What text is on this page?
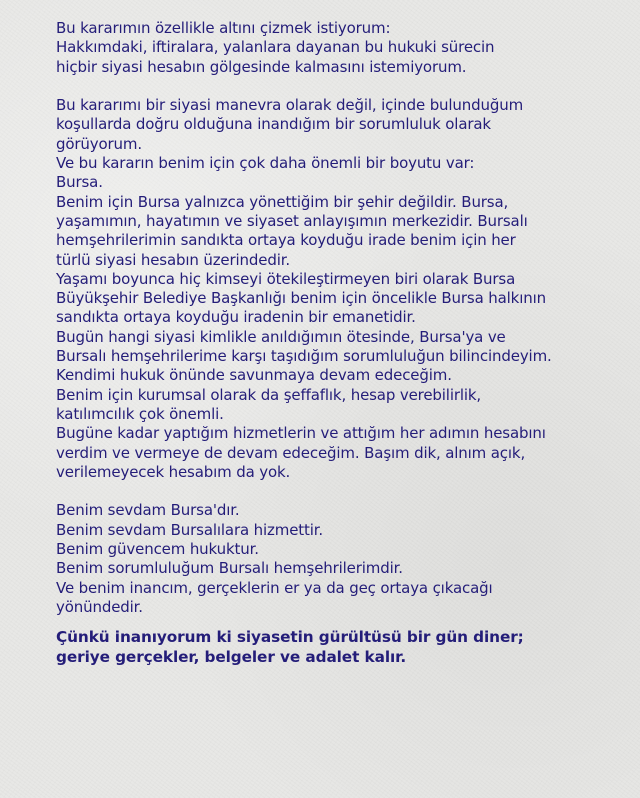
Bu kararımın özellikle altını çizmek istiyorum:
Hakkımdaki, iftiralara, yalanlara dayanan bu hukuki sürecin
hiçbir siyasi hesabın gölgesinde kalmasını istemiyorum.
Bu kararımı bir siyasi manevra olarak değil, içinde bulunduğum
koşullarda doğru olduğuna inandığım bir sorumluluk olarak
görüyorum.
Ve bu kararın benim için çok daha önemli bir boyutu var:
Bursa.
Benim için Bursa yalnızca yönettiğim bir şehir değildir. Bursa,
yaşamımın, hayatımın ve siyaset anlayışımın merkezidir. Bursalı
hemşehrilerimin sandıkta ortaya koyduğu irade benim için her
türlü siyasi hesabın üzerindedir.
Yaşamı boyunca hiç kimseyi ötekileştirmeyen biri olarak Bursa
Büyükşehir Belediye Başkanlığı benim için öncelikle Bursa halkının
sandıkta ortaya koyduğu iradenin bir emanetidir.
Bugün hangi siyasi kimlikle anıldığımın ötesinde, Bursa'ya ve
Bursalı hemşehrilerime karşı taşıdığım sorumluluğun bilincindeyim.
Kendimi hukuk önünde savunmaya devam edeceğim.
Benim için kurumsal olarak da şeffaflık, hesap verebilirlik,
katılımcılık çok önemli.
Bugüne kadar yaptığım hizmetlerin ve attığım her adımın hesabını
verdim ve vermeye de devam edeceğim. Başım dik, alnım açık,
verilemeyecek hesabım da yok.
Benim sevdam Bursa'dır.
Benim sevdam Bursalılara hizmettir.
Benim güvencem hukuktur.
Benim sorumluluğum Bursalı hemşehrilerimdir.
Ve benim inancım, gerçeklerin er ya da geç ortaya çıkacağı
yönündedir.
Çünkü inanıyorum ki siyasetin gürültüsü bir gün diner;
geriye gerçekler, belgeler ve adalet kalır.
